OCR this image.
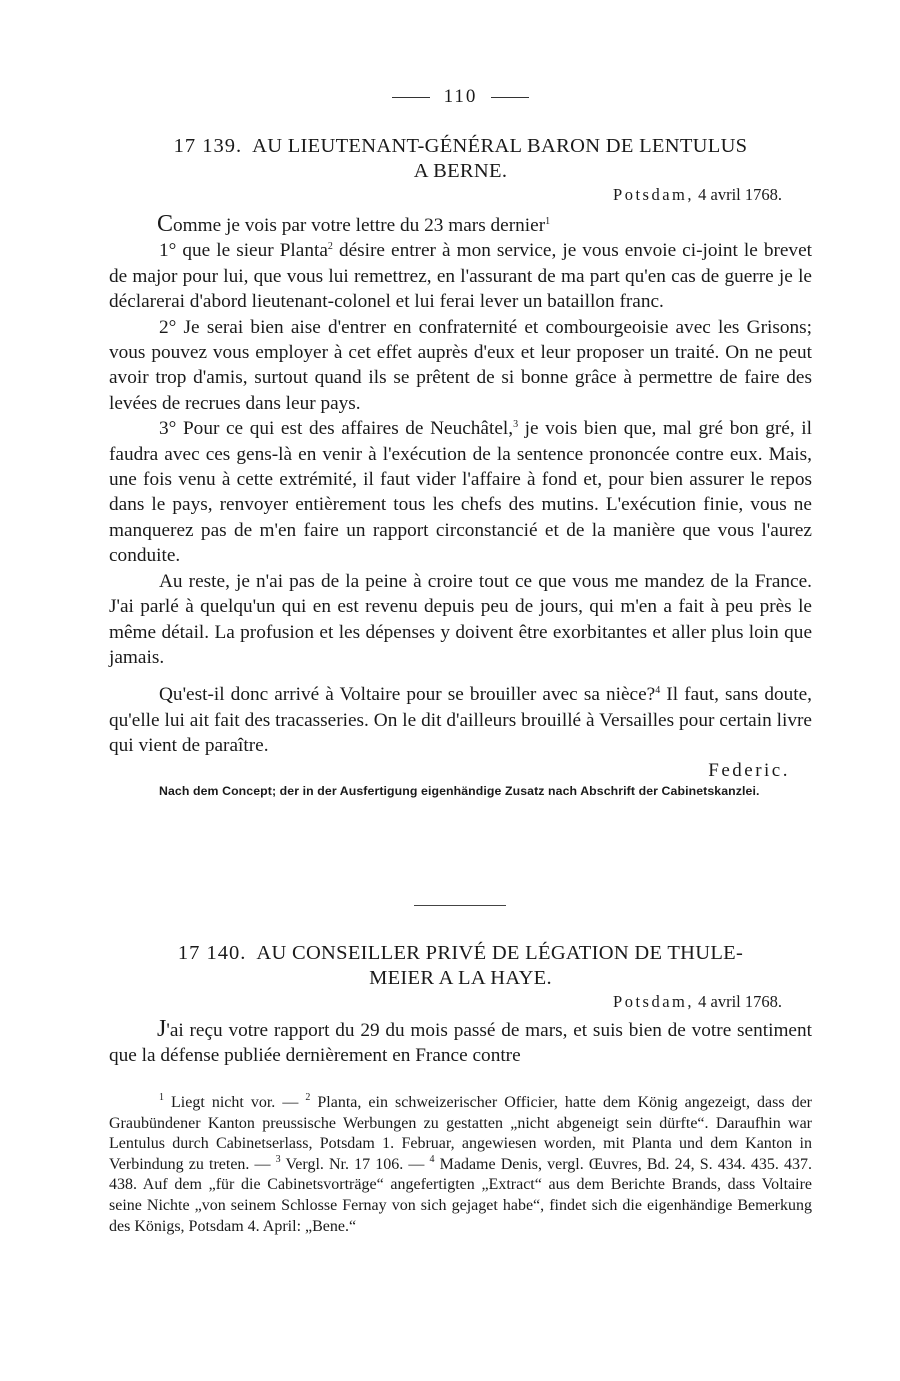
110
17 139. AU LIEUTENANT-GÉNÉRAL BARON DE LENTULUS
A BERNE.
Potsdam, 4 avril 1768.

Comme je vois par votre lettre du 23 mars dernier$^1$

1° que le sieur Planta$^2$ désire entrer à mon service, je vous envoie ci-joint le brevet de major pour lui, que vous lui remettrez, en l'assurant de ma part qu'en cas de guerre je le déclarerai d'abord lieutenant-colonel et lui ferai lever un bataillon franc.

2° Je serai bien aise d'entrer en confraternité et combourgeoisie avec les Grisons; vous pouvez vous employer à cet effet auprès d'eux et leur proposer un traité. On ne peut avoir trop d'amis, surtout quand ils se prêtent de si bonne grâce à permettre de faire des levées de recrues dans leur pays.

3° Pour ce qui est des affaires de Neuchâtel,$^3$ je vois bien que, mal gré bon gré, il faudra avec ces gens-là en venir à l'exécution de la sentence prononcée contre eux. Mais, une fois venu à cette extrémité, il faut vider l'affaire à fond et, pour bien assurer le repos dans le pays, renvoyer entièrement tous les chefs des mutins. L'exécution finie, vous ne manquerez pas de m'en faire un rapport circonstancié et de la manière que vous l'aurez conduite.

Au reste, je n'ai pas de la peine à croire tout ce que vous me mandez de la France. J'ai parlé à quelqu'un qui en est revenu depuis peu de jours, qui m'en a fait à peu près le même détail. La profusion et les dépenses y doivent être exorbitantes et aller plus loin que jamais.

Qu'est-il donc arrivé à Voltaire pour se brouiller avec sa nièce?$^4$ Il faut, sans doute, qu'elle lui ait fait des tracasseries. On le dit d'ailleurs brouillé à Versailles pour certain livre qui vient de paraître.

Federic.
Nach dem Concept; der in der Ausfertigung eigenhändige Zusatz nach Abschrift der Cabinetskanzlei.
17 140. AU CONSEILLER PRIVÉ DE LÉGATION DE THULE-
MEIER A LA HAYE.
Potsdam, 4 avril 1768.

J'ai reçu votre rapport du 29 du mois passé de mars, et suis bien de votre sentiment que la défense publiée dernièrement en France contre

$^1$ Liegt nicht vor. — $^2$ Planta, ein schweizerischer Officier, hatte dem König angezeigt, dass der Graubündener Kanton preussische Werbungen zu gestatten „nicht abgeneigt sein dürfte“. Daraufhin war Lentulus durch Cabinetserlass, Potsdam 1. Februar, angewiesen worden, mit Planta und dem Kanton in Verbindung zu treten. — $^3$ Vergl. Nr. 17 106. — $^4$ Madame Denis, vergl. Œuvres, Bd. 24, S. 434. 435. 437. 438. Auf dem „für die Cabinetsvorträge“ angefertigten „Extract“ aus dem Berichte Brands, dass Voltaire seine Nichte „von seinem Schlosse Fernay von sich gejaget habe“, findet sich die eigenhändige Bemerkung des Königs, Potsdam 4. April: „Bene.“
